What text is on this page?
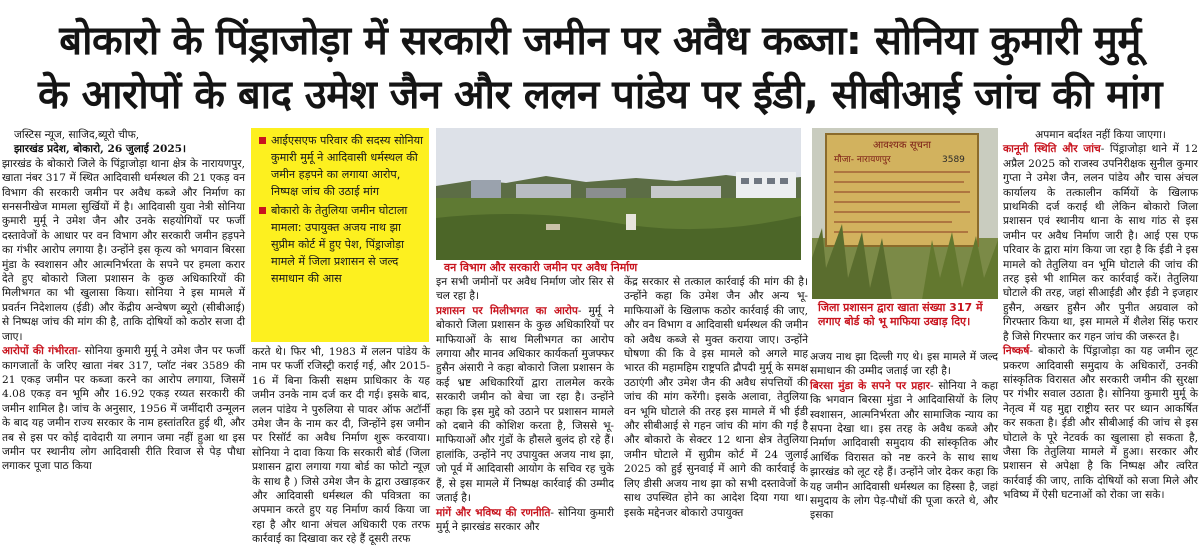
बोकारो के पिंड्राजोड़ा में सरकारी जमीन पर अवैध कब्जा: सोनिया कुमारी मुर्मू
के आरोपों के बाद उमेश जैन और ललन पांडेय पर ईडी, सीबीआई जांच की मांग

जस्टिस न्यूज, साजिद,ब्यूरो चीफ,

झारखंड प्रदेश, बोकारो, 26 जुलाई 2025।

झारखंड के बोकारो जिले के पिंड्राजोड़ा थाना क्षेत्र के नारायणपुर, खाता नंबर 317 में स्थित आदिवासी धर्मस्थल की 21 एकड़ वन विभाग की सरकारी जमीन पर अवैध कब्जे और निर्माण का सनसनीखेज मामला सुर्खियों में है। आदिवासी युवा नेत्री सोनिया कुमारी मुर्मू ने उमेश जैन और उनके सहयोगियों पर फर्जी दस्तावेजों के आधार पर वन विभाग और सरकारी जमीन हड़पने का गंभीर आरोप लगाया है। उन्होंने इस कृत्य को भगवान बिरसा मुंडा के स्वशासन और आत्मनिर्भरता के सपने पर हमला करार देते हुए बोकारो जिला प्रशासन के कुछ अधिकारियों की मिलीभगत का भी खुलासा किया। सोनिया ने इस मामले में प्रवर्तन निदेशालय (ईडी) और केंद्रीय अन्वेषण ब्यूरो (सीबीआई) से निष्पक्ष जांच की मांग की है, ताकि दोषियों को कठोर सजा दी जाए।

आरोपों की गंभीरता- सोनिया कुमारी मुर्मू ने उमेश जैन पर फर्जी कागजातों के जरिए खाता नंबर 317, प्लॉट नंबर 3589 की 21 एकड़ जमीन पर कब्जा करने का आरोप लगाया, जिसमें 4.08 एकड़ वन भूमि और 16.92 एकड़ रय्यत सरकारी की जमीन शामिल है। जांच के अनुसार, 1956 में जमींदारी उन्मूलन के बाद यह जमीन राज्य सरकार के नाम हस्तांतरित हुई थी, और तब से इस पर कोई दावेदारी या लगान जमा नहीं हुआ था इस जमीन पर स्थानीय लोग आदिवासी रीति रिवाज से पेड़ पौधा लगाकर पूजा पाठ किया

आईएसएफ परिवार की सदस्य सोनिया कुमारी मुर्मू ने आदिवासी धर्मस्थल की जमीन हड़पने का लगाया आरोप, निष्पक्ष जांच की उठाई मांग
बोकारो के तेतुलिया जमीन घोटाला मामला: उपायुक्त अजय नाथ झा सुप्रीम कोर्ट में हुए पेश, पिंड्राजोड़ा मामले में जिला प्रशासन से जल्द समाधान की आस

करते थे। फिर भी, 1983 में ललन पांडेय के नाम पर फर्जी रजिस्ट्री कराई गई, और 2015-16 में बिना किसी सक्षम प्राधिकार के यह जमीन उनके नाम दर्ज कर दी गई। इसके बाद, ललन पांडेय ने पुरुलिया से पावर ऑफ अटॉर्नी उमेश जैन के नाम कर दी, जिन्होंने इस जमीन पर रिसॉर्ट का अवैध निर्माण शुरू करवाया। सोनिया ने दावा किया कि सरकारी बोर्ड (जिला प्रशासन द्वारा लगाया गया बोर्ड का फोटो न्यूज़ के साथ है ) जिसे उमेश जैन के द्वारा उखाड़कर और आदिवासी धर्मस्थल की पवित्रता का अपमान करते हुए यह निर्माण कार्य किया जा रहा है और थाना अंचल अधिकारी एक तरफ कार्रवाई का दिखावा कर रहे हैं दूसरी तरफ

वन विभाग और सरकारी जमीन पर अवैध निर्माण

इन सभी जमीनों पर अवैध निर्माण जोर सिर से चल रहा है।

प्रशासन पर मिलीभगत का आरोप- मुर्मू ने बोकारो जिला प्रशासन के कुछ अधिकारियों पर माफियाओं के साथ मिलीभगत का आरोप लगाया और मानव अधिकार कार्यकर्ता मुजफ्फर हुसैन अंसारी ने कहा बोकारो जिला प्रशासन के कई भ्रष्ट अधिकारियों द्वारा तालमेल करके सरकारी जमीन को बेचा जा रहा है। उन्होंने कहा कि इस मुद्दे को उठाने पर प्रशासन मामले को दबाने की कोशिश करता है, जिससे भू-माफियाओं और गुंडों के हौसले बुलंद हो रहे हैं। हालांकि, उन्होंने नए उपायुक्त अजय नाथ झा, जो पूर्व में आदिवासी आयोग के सचिव रह चुके हैं, से इस मामले में निष्पक्ष कार्रवाई की उम्मीद जताई है।

मांगें और भविष्य की रणनीति- सोनिया कुमारी मुर्मू ने झारखंड सरकार और

केंद्र सरकार से तत्काल कार्रवाई की मांग की है। उन्होंने कहा कि उमेश जैन और अन्य भू-माफियाओं के खिलाफ कठोर कार्रवाई की जाए, और वन विभाग व आदिवासी धर्मस्थल की जमीन को अवैध कब्जे से मुक्त कराया जाए। उन्होंने घोषणा की कि वे इस मामले को अगले माह भारत की महामहिम राष्ट्रपति द्रौपदी मुर्मू के समक्ष उठाएंगी और उमेश जैन की अवैध संपत्तियों की जांच की मांग करेंगी। इसके अलावा, तेतुलिया वन भूमि घोटाले की तरह इस मामले में भी ईडी और सीबीआई से गहन जांच की मांग की गई है और बोकारो के सेक्टर 12 थाना क्षेत्र तेतुलिया जमीन घोटाले में सुप्रीम कोर्ट में 24 जुलाई 2025 को हुई सुनवाई में आगे की कार्रवाई के लिए डीसी अजय नाथ झा को सभी दस्तावेजों के साथ उपस्थित होने का आदेश दिया गया था। इसके मद्देनजर बोकारो उपायुक्त

आवश्यक सूचना
मौजा- नारायणपुर	3589
जिला प्रशासन द्वारा खाता संख्या 317 में लगाए बोर्ड को भू माफिया उखाड़ दिए।

अजय नाथ झा दिल्ली गए थे। इस मामले में जल्द समाधान की उम्मीद जताई जा रही है।

बिरसा मुंडा के सपने पर प्रहार- सोनिया ने कहा कि भगवान बिरसा मुंडा ने आदिवासियों के लिए स्वशासन, आत्मनिर्भरता और सामाजिक न्याय का सपना देखा था। इस तरह के अवैध कब्जे और निर्माण आदिवासी समुदाय की सांस्कृतिक और आर्थिक विरासत को नष्ट करने के साथ साथ झारखंड को लूट रहे हैं। उन्होंने जोर देकर कहा कि यह जमीन आदिवासी धर्मस्थल का हिस्सा है, जहां समुदाय के लोग पेड़-पौधों की पूजा करते थे, और इसका

अपमान बर्दाश्त नहीं किया जाएगा।

कानूनी स्थिति और जांच- पिंड्राजोड़ा थाने में 12 अप्रैल 2025 को राजस्व उपनिरीक्षक सुनील कुमार गुप्ता ने उमेश जैन, ललन पांडेय और चास अंचल कार्यालय के तत्कालीन कर्मियों के खिलाफ प्राथमिकी दर्ज कराई थी लेकिन बोकारो जिला प्रशासन एवं स्थानीय थाना के साथ गांठ से इस जमीन पर अवैध निर्माण जारी है। आई एस एफ परिवार के द्वारा मांग किया जा रहा है कि ईडी ने इस मामले को तेतुलिया वन भूमि घोटाले की जांच की तरह इसे भी शामिल कर कार्रवाई करें। तेतुलिया घोटाले की तरह, जहां सीआईडी और ईडी ने इजहार हुसैन, अख्तर हुसैन और पुनीत अग्रवाल को गिरफ्तार किया था, इस मामले में शैलेश सिंह फरार है जिसे गिरफ्तार कर गहन जांच की जरूरत है।

निष्कर्ष- बोकारो के पिंड्राजोड़ा का यह जमीन लूट प्रकरण आदिवासी समुदाय के अधिकारों, उनकी सांस्कृतिक विरासत और सरकारी जमीन की सुरक्षा पर गंभीर सवाल उठाता है। सोनिया कुमारी मुर्मू के नेतृत्व में यह मुद्दा राष्ट्रीय स्तर पर ध्यान आकर्षित कर सकता है। ईडी और सीबीआई की जांच से इस घोटाले के पूरे नेटवर्क का खुलासा हो सकता है, जैसा कि तेतुलिया मामले में हुआ। सरकार और प्रशासन से अपेक्षा है कि निष्पक्ष और त्वरित कार्रवाई की जाए, ताकि दोषियों को सजा मिले और भविष्य में ऐसी घटनाओं को रोका जा सके।
